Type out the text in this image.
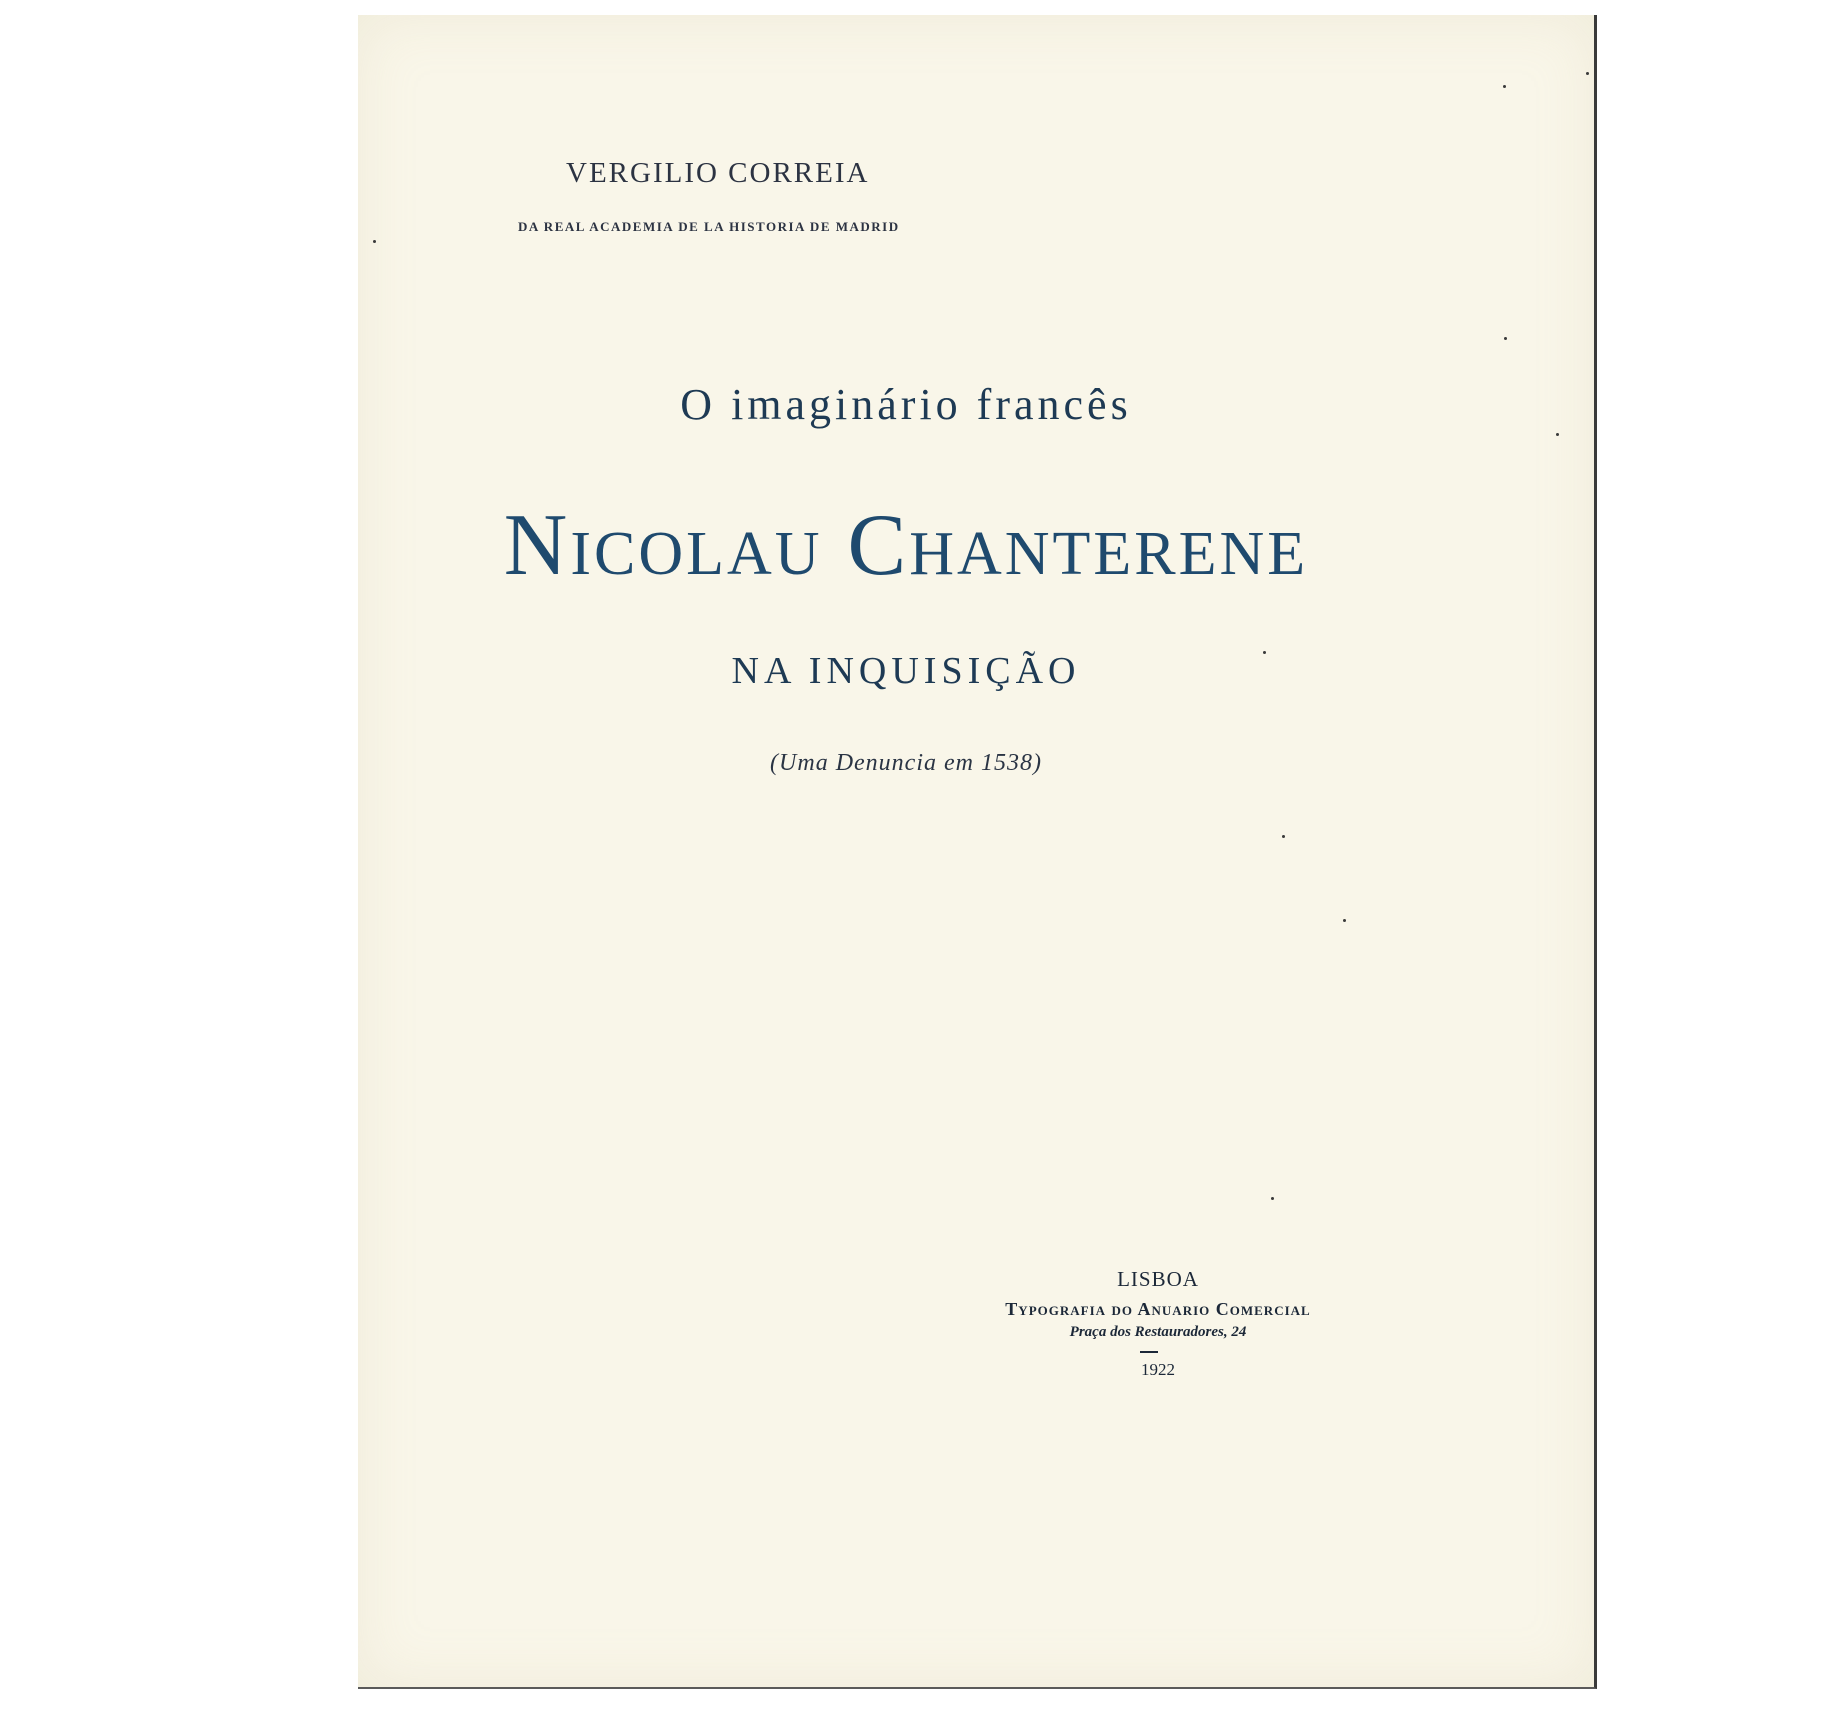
VERGILIO CORREIA
DA REAL ACADEMIA DE LA HISTORIA DE MADRID
O imaginário francês
Nicolau Chanterene
NA INQUISIÇÃO
(Uma Denuncia em 1538)
LISBOA
Typografia do Anuario Comercial
Praça dos Restauradores, 24
1922
